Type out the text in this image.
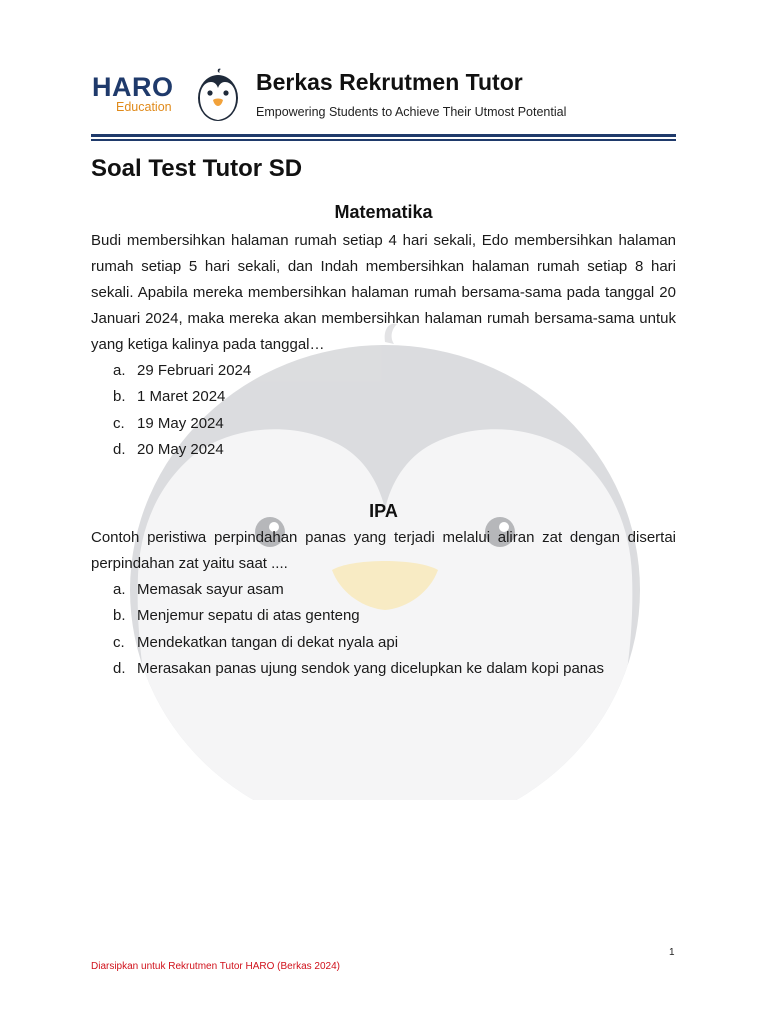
HARO
Education
Berkas Rekrutmen Tutor
Empowering Students to Achieve Their Utmost Potential
Soal Test Tutor SD
Matematika

Budi membersihkan halaman rumah setiap 4 hari sekali, Edo membersihkan halaman rumah setiap 5 hari sekali, dan Indah membersihkan halaman rumah setiap 8 hari sekali. Apabila mereka membersihkan halaman rumah bersama-sama pada tanggal 20 Januari 2024, maka mereka akan membersihkan halaman rumah bersama-sama untuk yang ketiga kalinya pada tanggal…

a. 29 Februari 2024
b. 1 Maret 2024
c. 19 May 2024
d. 20 May 2024
IPA

Contoh peristiwa perpindahan panas yang terjadi melalui aliran zat dengan disertai perpindahan zat yaitu saat ....

a. Memasak sayur asam
b. Menjemur sepatu di atas genteng
c. Mendekatkan tangan di dekat nyala api
d. Merasakan panas ujung sendok yang dicelupkan ke dalam kopi panas
1
Diarsipkan untuk Rekrutmen Tutor HARO (Berkas 2024)
